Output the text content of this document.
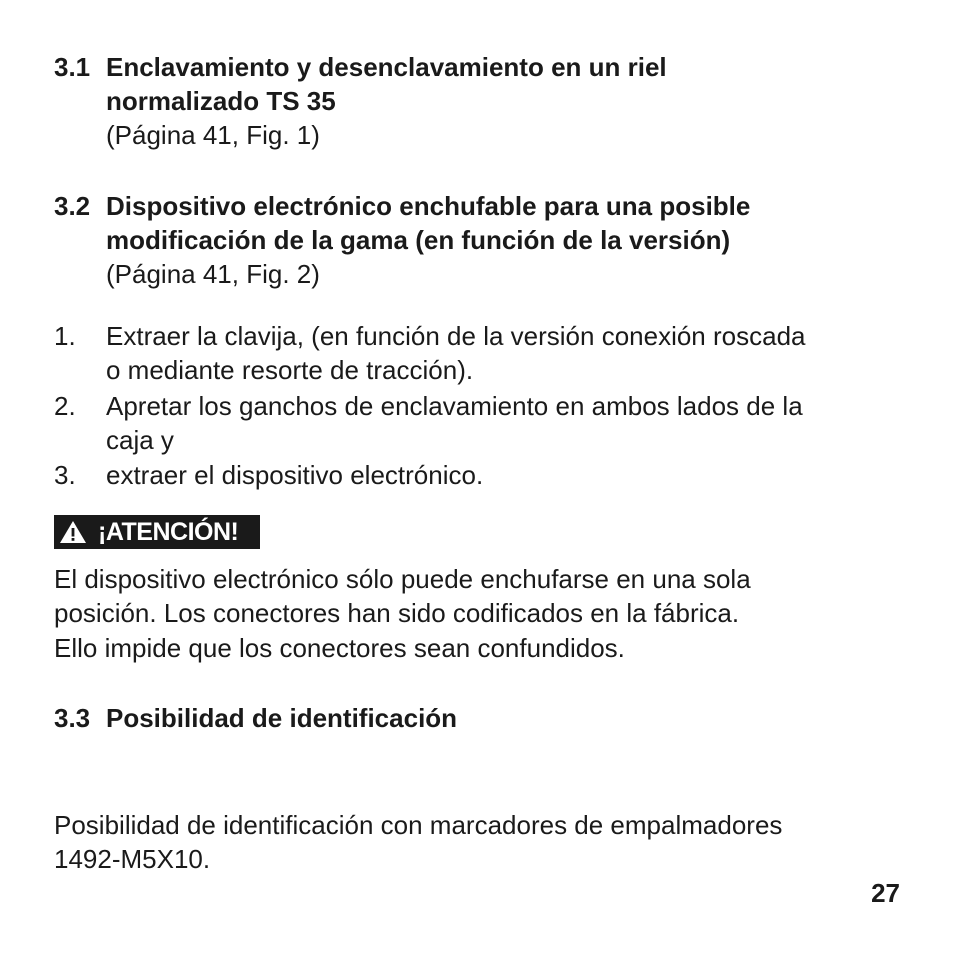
3.1 Enclavamiento y desenclavamiento en un riel
normalizado TS 35
(Página 41, Fig. 1)
3.2 Dispositivo electrónico enchufable para una posible
modificación de la gama (en función de la versión)
(Página 41, Fig. 2)
1. Extraer la clavija, (en función de la versión conexión roscada
o mediante resorte de tracción).
2. Apretar los ganchos de enclavamiento en ambos lados de la
caja y
3. extraer el dispositivo electrónico.
¡ATENCIÓN!
El dispositivo electrónico sólo puede enchufarse en una sola
posición. Los conectores han sido codificados en la fábrica.
Ello impide que los conectores sean confundidos.
3.3 Posibilidad de identificación
Posibilidad de identificación con marcadores de empalmadores
1492-M5X10.
27
